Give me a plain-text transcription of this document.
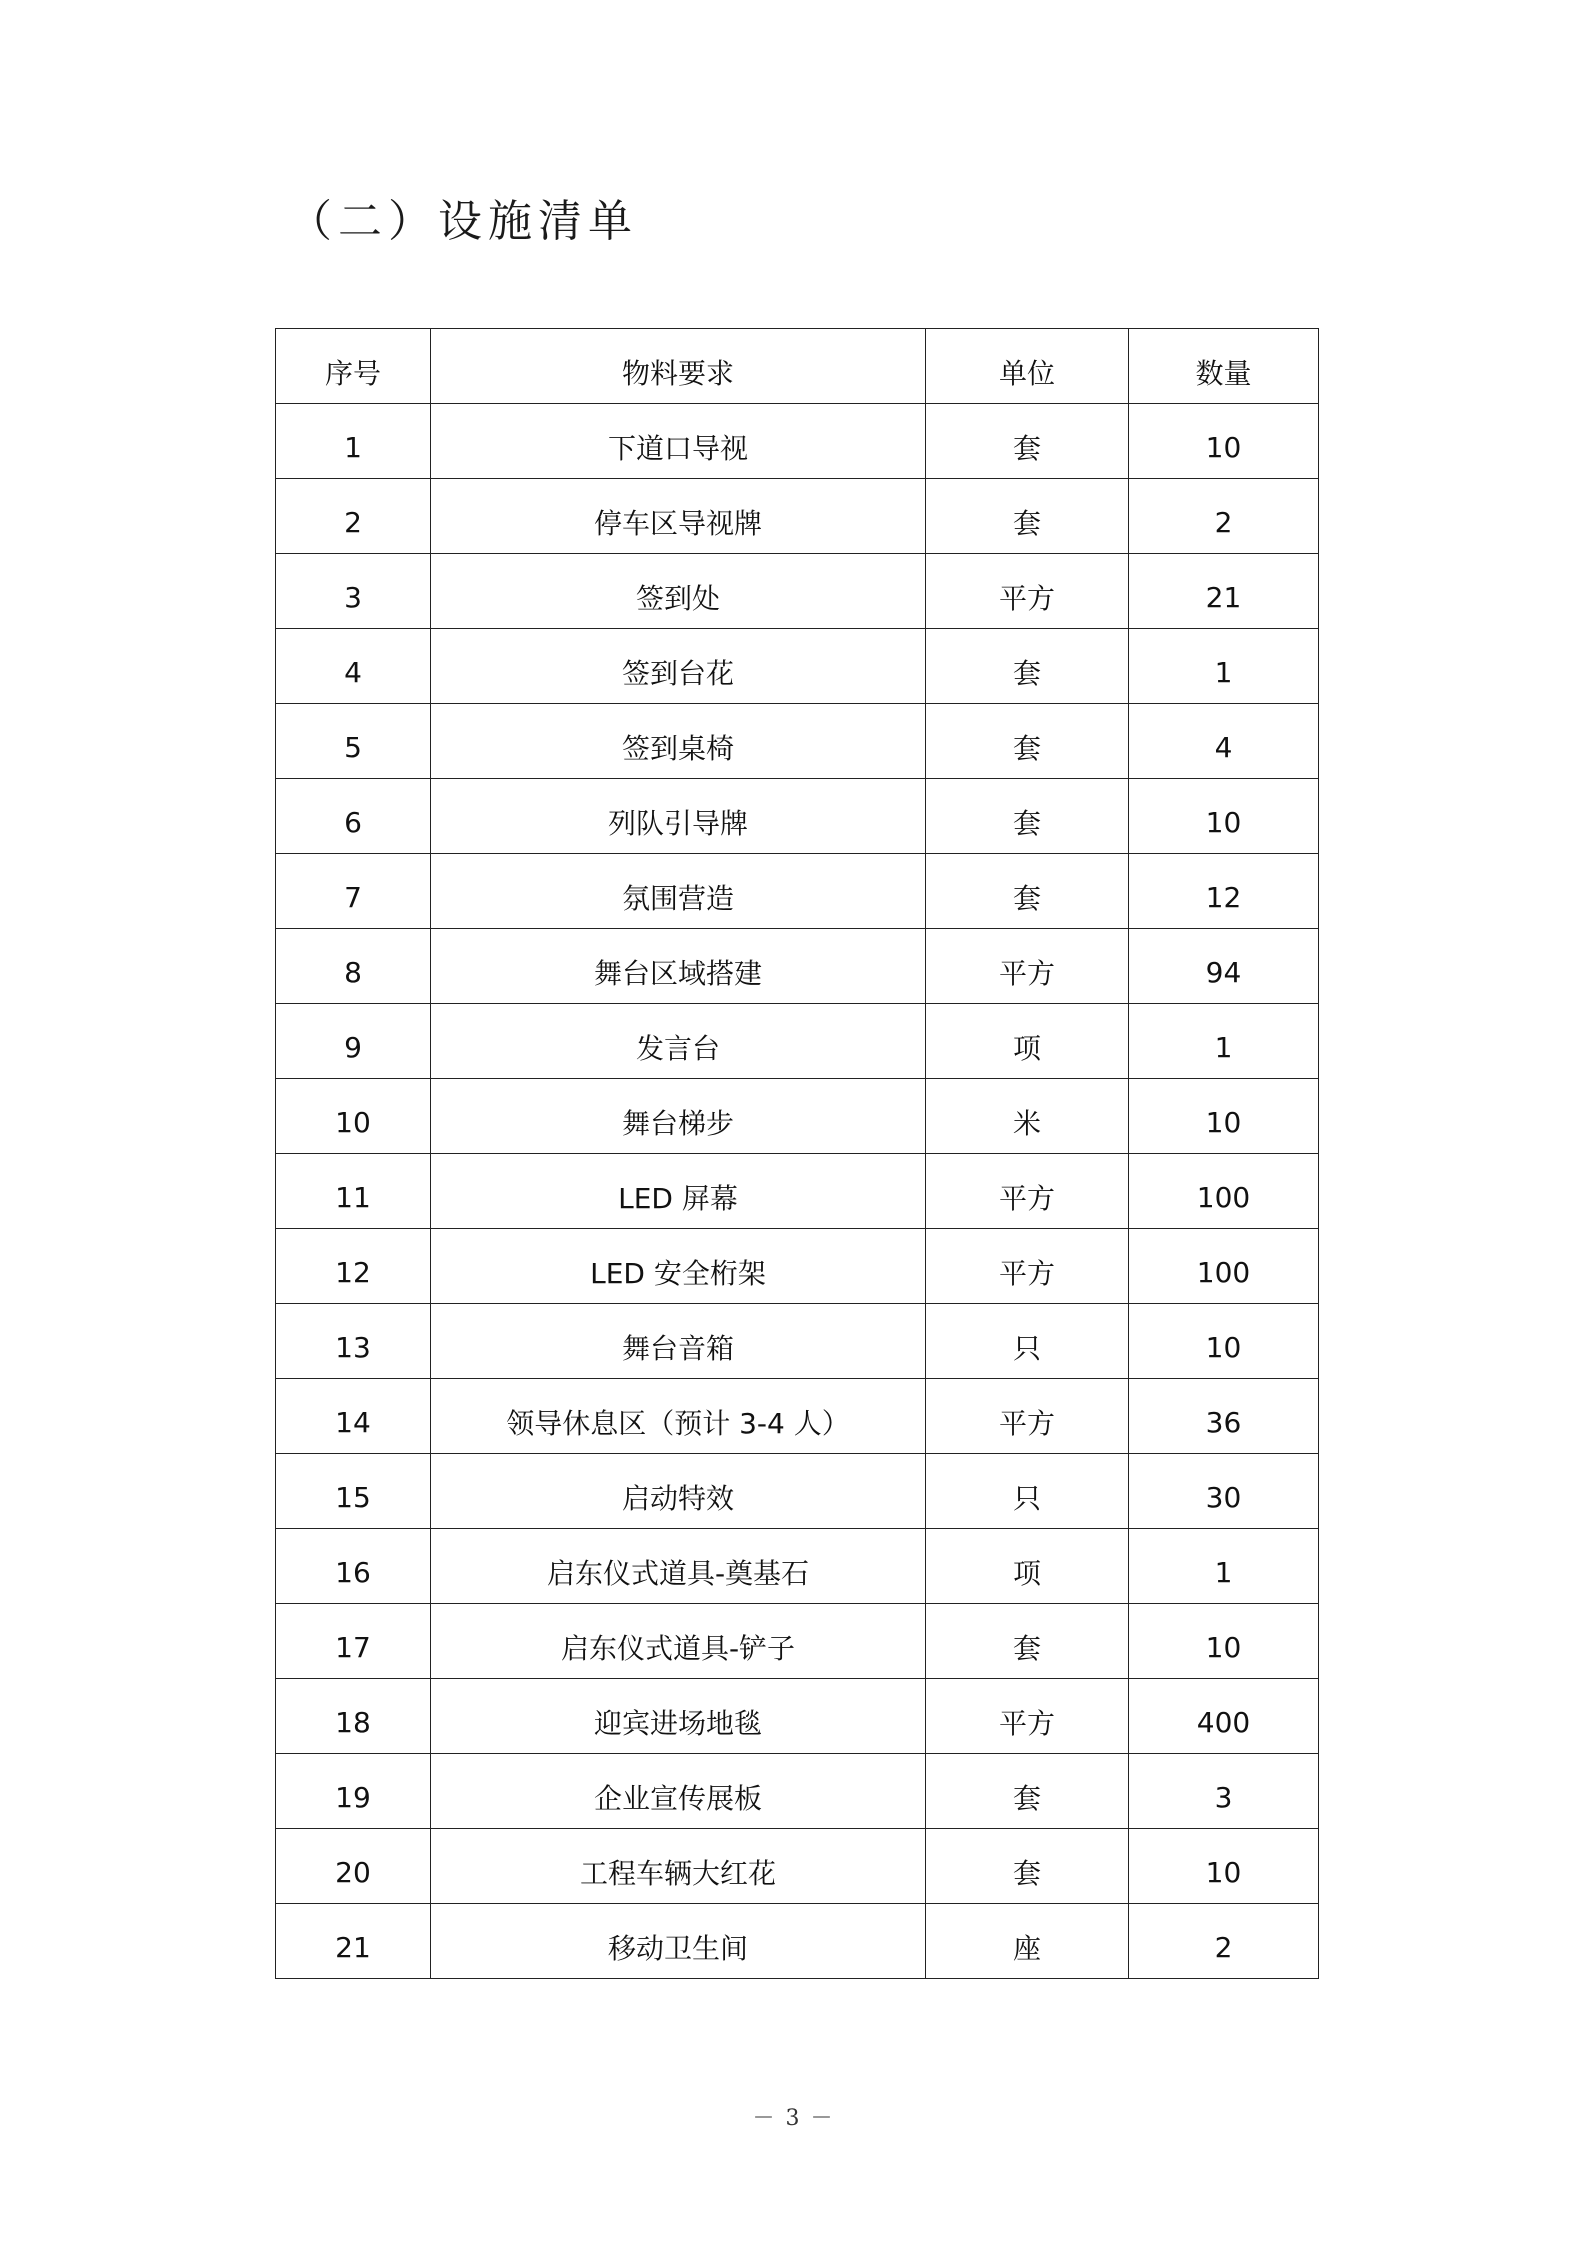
（二）设施清单
序号	物料要求	单位	数量
1	下道口导视	套	10
2	停车区导视牌	套	2
3	签到处	平方	21
4	签到台花	套	1
5	签到桌椅	套	4
6	列队引导牌	套	10
7	氛围营造	套	12
8	舞台区域搭建	平方	94
9	发言台	项	1
10	舞台梯步	米	10
11	LED 屏幕	平方	100
12	LED 安全桁架	平方	100
13	舞台音箱	只	10
14	领导休息区（预计 3-4 人）	平方	36
15	启动特效	只	30
16	启东仪式道具-奠基石	项	1
17	启东仪式道具-铲子	套	10
18	迎宾进场地毯	平方	400
19	企业宣传展板	套	3
20	工程车辆大红花	套	10
21	移动卫生间	座	2
－ 3 －
